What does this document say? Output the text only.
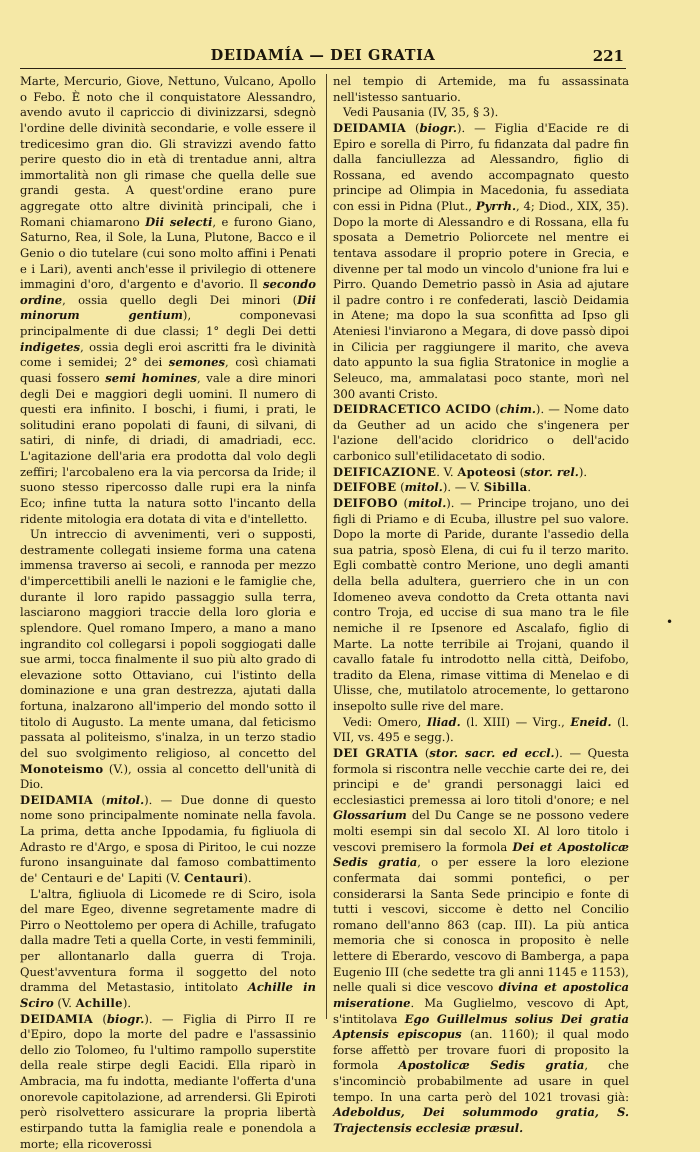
DEIDAMÍA — DEI GRATIA	221

Marte, Mercurio, Giove, Nettuno, Vulcano, Apollo o Febo. È noto che il conquistatore Alessandro, avendo avuto il capriccio di divinizzarsi, sdegnò l'ordine delle divinità secondarie, e volle essere il tredicesimo gran dio. Gli stravizzi avendo fatto perire questo dio in età di trentadue anni, altra immortalità non gli rimase che quella delle sue grandi gesta. A quest'ordine erano pure aggregate otto altre divinità principali, che i Romani chiamarono Dii selecti, e furono Giano, Saturno, Rea, il Sole, la Luna, Plutone, Bacco e il Genio o dio tutelare (cui sono molto affini i Penati e i Lari), aventi anch'esse il privilegio di ottenere immagini d'oro, d'argento e d'avorio. Il secondo ordine, ossia quello degli Dei minori (Dii minorum gentium), componevasi principalmente di due classi; 1° degli Dei detti indigetes, ossia degli eroi ascritti fra le divinità come i semidei; 2° dei semones, così chiamati quasi fossero semi homines, vale a dire minori degli Dei e maggiori degli uomini. Il numero di questi era infinito. I boschi, i fiumi, i prati, le solitudini erano popolati di fauni, di silvani, di satiri, di ninfe, di driadi, di amadriadi, ecc. L'agitazione dell'aria era prodotta dal volo degli zeffiri; l'arcobaleno era la via percorsa da Iride; il suono stesso ripercosso dalle rupi era la ninfa Eco; infine tutta la natura sotto l'incanto della ridente mitologia era dotata di vita e d'intelletto.

Un intreccio di avvenimenti, veri o supposti, destramente collegati insieme forma una catena immensa traverso ai secoli, e rannoda per mezzo d'impercettibili anelli le nazioni e le famiglie che, durante il loro rapido passaggio sulla terra, lasciarono maggiori traccie della loro gloria e splendore. Quel romano Impero, a mano a mano ingrandito col collegarsi i popoli soggiogati dalle sue armi, tocca finalmente il suo più alto grado di elevazione sotto Ottaviano, cui l'istinto della dominazione e una gran destrezza, ajutati dalla fortuna, inalzarono all'imperio del mondo sotto il titolo di Augusto. La mente umana, dal feticismo passata al politeismo, s'inalza, in un terzo stadio del suo svolgimento religioso, al concetto del Monoteismo (V.), ossia al concetto dell'unità di Dio.

DEIDAMIA (mitol.). — Due donne di questo nome sono principalmente nominate nella favola. La prima, detta anche Ippodamia, fu figliuola di Adrasto re d'Argo, e sposa di Piritoo, le cui nozze furono insanguinate dal famoso combattimento de' Centauri e de' Lapiti (V. Centauri).

L'altra, figliuola di Licomede re di Sciro, isola del mare Egeo, divenne segretamente madre di Pirro o Neottolemo per opera di Achille, trafugato dalla madre Teti a quella Corte, in vesti femminili, per allontanarlo dalla guerra di Troja. Quest'avventura forma il soggetto del noto dramma del Metastasio, intitolato Achille in Sciro (V. Achille).

DEIDAMIA (biogr.). — Figlia di Pirro II re d'Epiro, dopo la morte del padre e l'assassinio dello zio Tolomeo, fu l'ultimo rampollo superstite della reale stirpe degli Eacidi. Ella riparò in Ambracia, ma fu indotta, mediante l'offerta d'una onorevole capitolazione, ad arrendersi. Gli Epiroti però risolvettero assicurare la propria libertà estirpando tutta la famiglia reale e ponendola a morte; ella ricoverossi

nel tempio di Artemide, ma fu assassinata nell'istesso santuario.

Vedi Pausania (IV, 35, § 3).

DEIDAMIA (biogr.). — Figlia d'Eacide re di Epiro e sorella di Pirro, fu fidanzata dal padre fin dalla fanciullezza ad Alessandro, figlio di Rossana, ed avendo accompagnato questo principe ad Olimpia in Macedonia, fu assediata con essi in Pidna (Plut., Pyrrh., 4; Diod., XIX, 35). Dopo la morte di Alessandro e di Rossana, ella fu sposata a Demetrio Poliorcete nel mentre ei tentava assodare il proprio potere in Grecia, e divenne per tal modo un vincolo d'unione fra lui e Pirro. Quando Demetrio passò in Asia ad ajutare il padre contro i re confederati, lasciò Deidamia in Atene; ma dopo la sua sconfitta ad Ipso gli Ateniesi l'inviarono a Megara, di dove passò dipoi in Cilicia per raggiungere il marito, che aveva dato appunto la sua figlia Stratonice in moglie a Seleuco, ma, ammalatasi poco stante, morì nel 300 avanti Cristo.

DEIDRACETICO ACIDO (chim.). — Nome dato da Geuther ad un acido che s'ingenera per l'azione dell'acido cloridrico o dell'acido carbonico sull'etilidacetato di sodio.

DEIFICAZIONE. V. Apoteosi (stor. rel.).

DEIFOBE (mitol.). — V. Sibilla.

DEIFOBO (mitol.). — Principe trojano, uno dei figli di Priamo e di Ecuba, illustre pel suo valore. Dopo la morte di Paride, durante l'assedio della sua patria, sposò Elena, di cui fu il terzo marito. Egli combattè contro Merione, uno degli amanti della bella adultera, guerriero che in un con Idomeneo aveva condotto da Creta ottanta navi contro Troja, ed uccise di sua mano tra le file nemiche il re Ipsenore ed Ascalafo, figlio di Marte. La notte terribile ai Trojani, quando il cavallo fatale fu introdotto nella città, Deifobo, tradito da Elena, rimase vittima di Menelao e di Ulisse, che, mutilatolo atrocemente, lo gettarono insepolto sulle rive del mare.

Vedi: Omero, Iliad. (l. XIII) — Virg., Eneid. (l. VII, vs. 495 e segg.).

DEI GRATIA (stor. sacr. ed eccl.). — Questa formola si riscontra nelle vecchie carte dei re, dei principi e de' grandi personaggi laici ed ecclesiastici premessa ai loro titoli d'onore; e nel Glossarium del Du Cange se ne possono vedere molti esempi sin dal secolo XI. Al loro titolo i vescovi premisero la formola Dei et Apostolicæ Sedis gratia, o per essere la loro elezione confermata dai sommi pontefici, o per considerarsi la Santa Sede principio e fonte di tutti i vescovi, siccome è detto nel Concilio romano dell'anno 863 (cap. III). La più antica memoria che si conosca in proposito è nelle lettere di Eberardo, vescovo di Bamberga, a papa Eugenio III (che sedette tra gli anni 1145 e 1153), nelle quali si dice vescovo divina et apostolica miseratione. Ma Guglielmo, vescovo di Apt, s'intitolava Ego Guillelmus solius Dei gratia Aptensis episcopus (an. 1160); il qual modo forse affettò per trovare fuori di proposito la formola Apostolicæ Sedis gratia, che s'incominciò probabilmente ad usare in quel tempo. In una carta però del 1021 trovasi già: Adeboldus, Dei solummodo gratia, S. Trajectensis ecclesiæ præsul.

•
